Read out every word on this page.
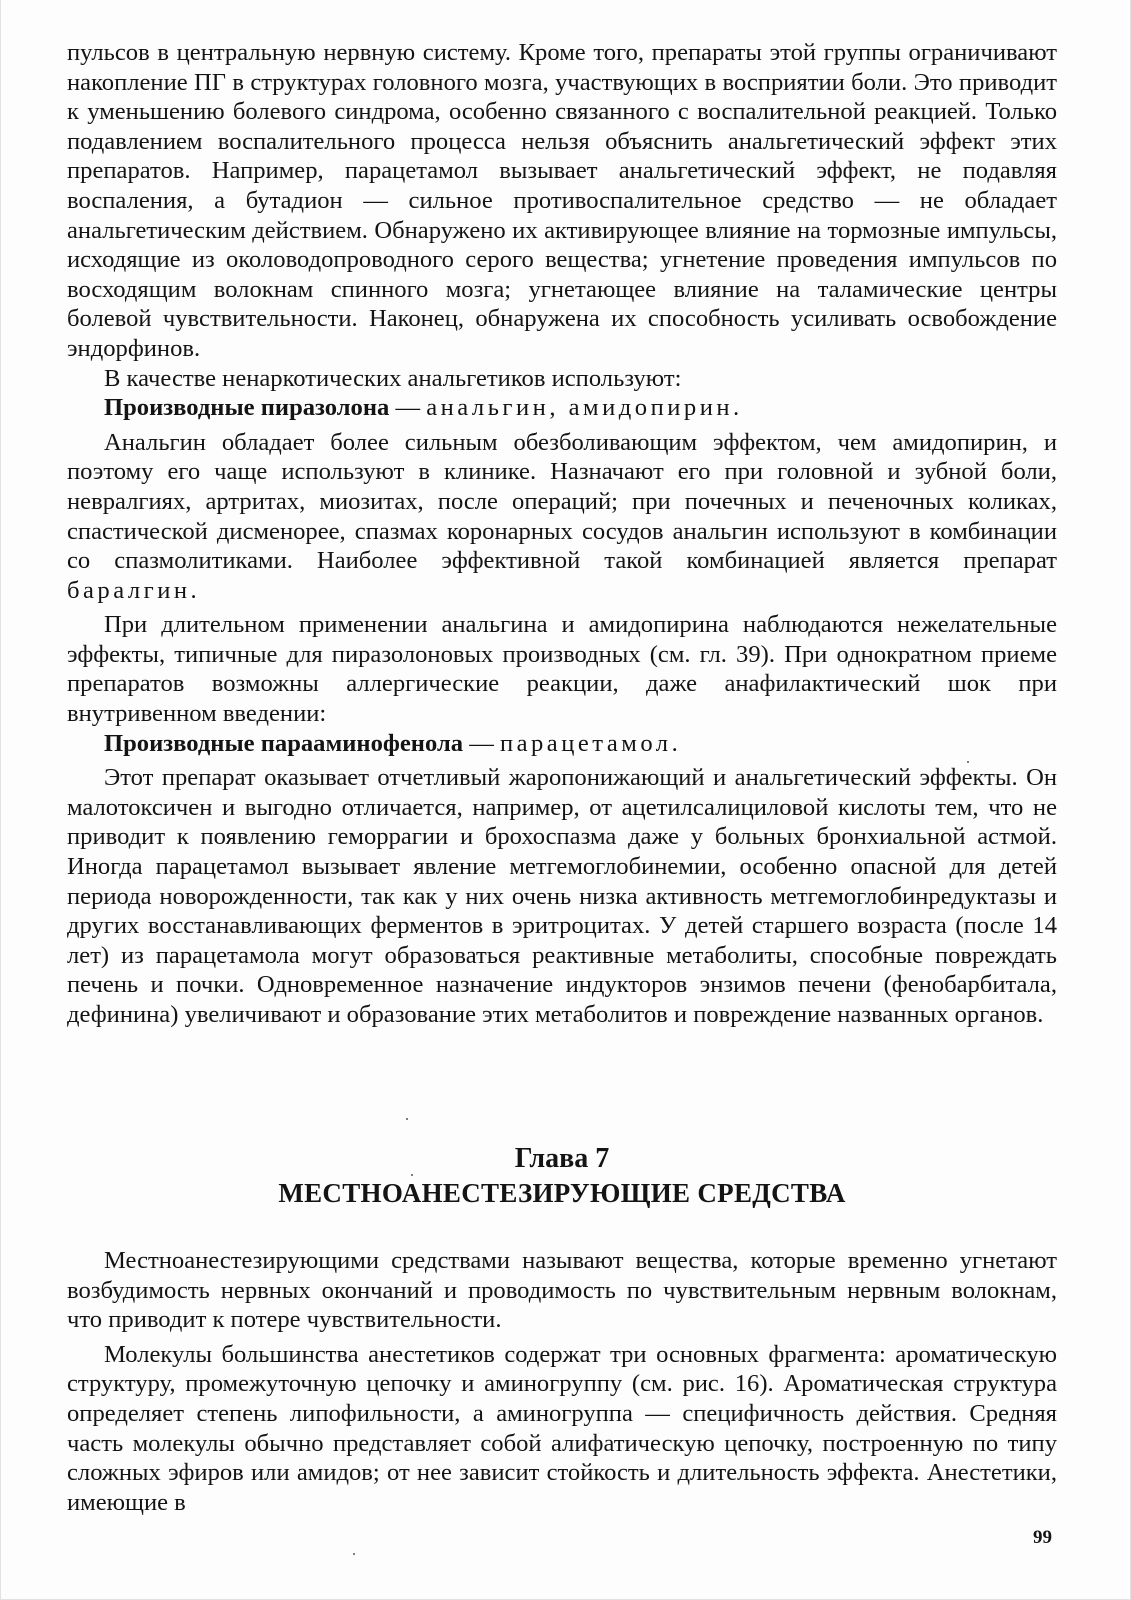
пульсов в центральную нервную систему. Кроме того, препараты этой группы ограничивают накопление ПГ в структурах головного мозга, участвующих в восприятии боли. Это приводит к уменьшению болевого синдрома, особенно связанного с воспалительной реакцией. Только подавлением воспалительного процесса нельзя объяснить анальгетический эффект этих препаратов. Например, парацетамол вызывает анальгетический эффект, не подавляя воспаления, а бутадион — сильное противоспалительное средство — не обладает анальгетическим действием. Обнаружено их активирующее влияние на тормозные импульсы, исходящие из околоводопроводного серого вещества; угнетение проведения импульсов по восходящим волокнам спинного мозга; угнетающее влияние на таламические центры болевой чувствительности. Наконец, обнаружена их способность усиливать освобождение эндорфинов.

В качестве ненаркотических анальгетиков используют:

Производные пиразолона — анальгин, амидопирин.

Анальгин обладает более сильным обезболивающим эффектом, чем амидопирин, и поэтому его чаще используют в клинике. Назначают его при головной и зубной боли, невралгиях, артритах, миозитах, после операций; при почечных и печеночных коликах, спастической дисменорее, спазмах коронарных сосудов анальгин используют в комбинации со спазмолитиками. Наиболее эффективной такой комбинацией является препарат баралгин.

При длительном применении анальгина и амидопирина наблюдаются нежелательные эффекты, типичные для пиразолоновых производных (см. гл. 39). При однократном приеме препаратов возможны аллергические реакции, даже анафилактический шок при внутривенном введении:

Производные парааминофенола — парацетамол.

Этот препарат оказывает отчетливый жаропонижающий и анальгетический эффекты. Он малотоксичен и выгодно отличается, например, от ацетилсалициловой кислоты тем, что не приводит к появлению геморрагии и брохоспазма даже у больных бронхиальной астмой. Иногда парацетамол вызывает явление метгемоглобинемии, особенно опасной для детей периода новорожденности, так как у них очень низка активность метгемоглобинредуктазы и других восстанавливающих ферментов в эритроцитах. У детей старшего возраста (после 14 лет) из парацетамола могут образоваться реактивные метаболиты, способные повреждать печень и почки. Одновременное назначение индукторов энзимов печени (фенобарбитала, дефинина) увеличивают и образование этих метаболитов и повреждение названных органов.

Глава 7
МЕСТНОАНЕСТЕЗИРУЮЩИЕ СРЕДСТВА

Местноанестезирующими средствами называют вещества, которые временно угнетают возбудимость нервных окончаний и проводимость по чувствительным нервным волокнам, что приводит к потере чувствительности.

Молекулы большинства анестетиков содержат три основных фрагмента: ароматическую структуру, промежуточную цепочку и аминогруппу (см. рис. 16). Ароматическая структура определяет степень липофильности, а аминогруппа — специфичность действия. Средняя часть молекулы обычно представляет собой алифатическую цепочку, построенную по типу сложных эфиров или амидов; от нее зависит стойкость и длительность эффекта. Анестетики, имеющие в

99
